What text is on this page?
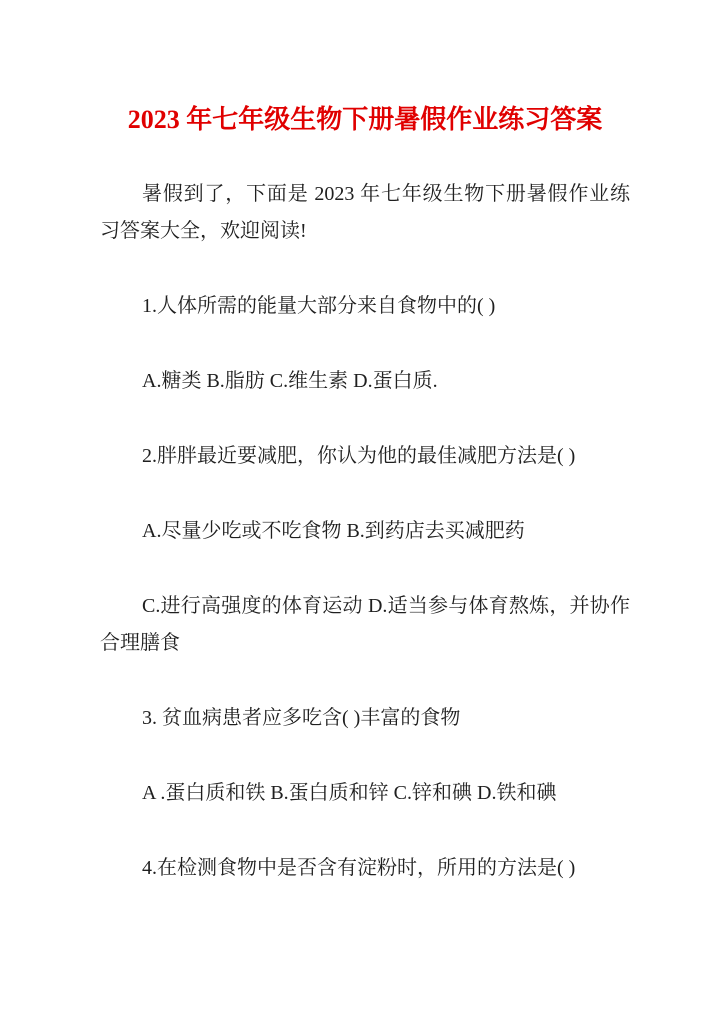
2023 年七年级生物下册暑假作业练习答案

暑假到了，下面是 2023 年七年级生物下册暑假作业练习答案大全，欢迎阅读!

1.人体所需的能量大部分来自食物中的( )

A.糖类 B.脂肪 C.维生素 D.蛋白质.

2.胖胖最近要减肥，你认为他的最佳减肥方法是( )

A.尽量少吃或不吃食物 B.到药店去买减肥药

C.进行高强度的体育运动 D.适当参与体育熬炼，并协作合理膳食

3. 贫血病患者应多吃含( )丰富的食物

A .蛋白质和铁 B.蛋白质和锌 C.锌和碘 D.铁和碘

4.在检测食物中是否含有淀粉时，所用的方法是( )
